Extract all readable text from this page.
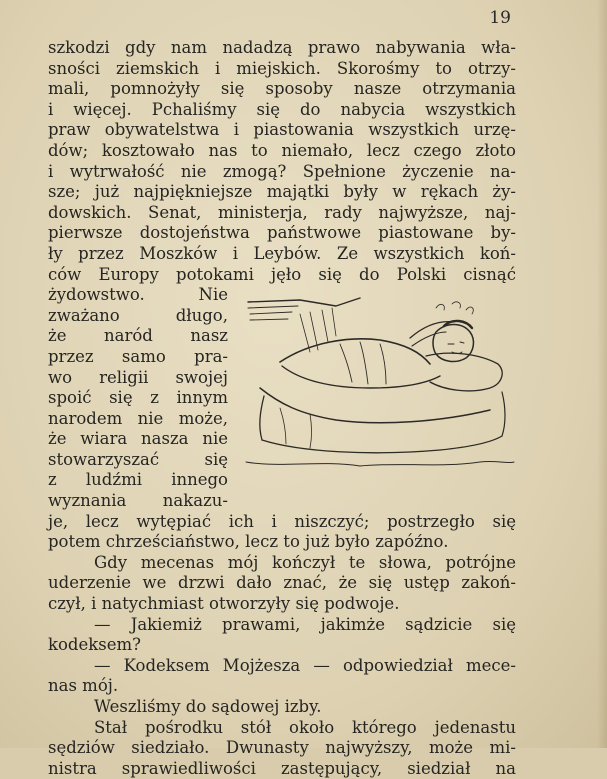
19
szkodzi gdy nam nadadzą prawo nabywania wła-
sności ziemskich i miejskich. Skorośmy to otrzy-
mali, pomnożyły się sposoby nasze otrzymania
i więcej. Pchaliśmy się do nabycia wszystkich
praw obywatelstwa i piastowania wszystkich urzę-
dów; kosztowało nas to niemało, lecz czego złoto
i wytrwałość nie zmogą? Spełnione życzenie na-
sze; już najpiękniejsze majątki były w rękach ży-
dowskich. Senat, ministerja, rady najwyższe, naj-
pierwsze dostojeństwa państwowe piastowane by-
ły przez Moszków i Leybów. Ze wszystkich koń-
ców Europy potokami jęło się do Polski cisnąć
żydowstwo. Nie
zważano długo,
że naród nasz
przez samo pra-
wo religii swojej
spoić się z innym
narodem nie może,
że wiara nasza nie
stowarzyszać się
z ludźmi innego
wyznania nakazu-
je, lecz wytępiać ich i niszczyć; postrzegło się
potem chrześciaństwo, lecz to już było zapóźno.
Gdy mecenas mój kończył te słowa, potrójne
uderzenie we drzwi dało znać, że się ustęp zakoń-
czył, i natychmiast otworzyły się podwoje.
— Jakiemiż prawami, jakimże sądzicie się
kodeksem?
— Kodeksem Mojżesza — odpowiedział mece-
nas mój.
Weszliśmy do sądowej izby.
Stał pośrodku stół około którego jedenastu
sędziów siedziało. Dwunasty najwyższy, może mi-
nistra sprawiedliwości zastępujący, siedział na
